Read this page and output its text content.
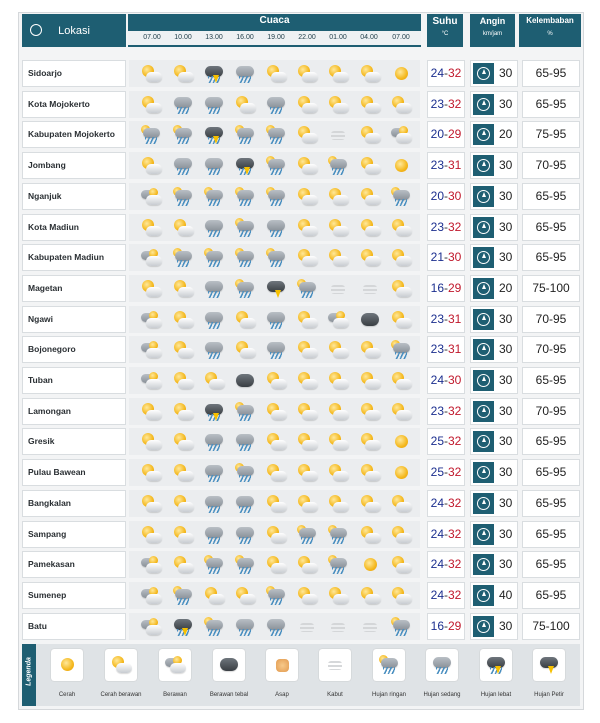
Lokasi
Cuaca
07.00	10.00	13.00	16.00	19.00	22.00	01.00	04.00	07.00
Suhu
°C
Angin
km/jam
Kelembaban
%
Sidoarjo	24-32	30	65-95
Kota Mojokerto	23-32	30	65-95
Kabupaten Mojokerto	20-29	20	75-95
Jombang	23-31	30	70-95
Nganjuk	20-30	30	65-95
Kota Madiun	23-32	30	65-95
Kabupaten Madiun	21-30	30	65-95
Magetan	16-29	20	75-100
Ngawi	23-31	30	70-95
Bojonegoro	23-31	30	70-95
Tuban	24-30	30	65-95
Lamongan	23-32	30	70-95
Gresik	25-32	30	65-95
Pulau Bawean	25-32	30	65-95
Bangkalan	24-32	30	65-95
Sampang	24-32	30	65-95
Pamekasan	24-32	30	65-95
Sumenep	24-32	40	65-95
Batu	16-29	30	75-100
Legenda
Cerah	Cerah berawan	Berawan	Berawan tebal	Asap	Kabut	Hujan ringan	Hujan sedang	Hujan lebat	Hujan Petir
